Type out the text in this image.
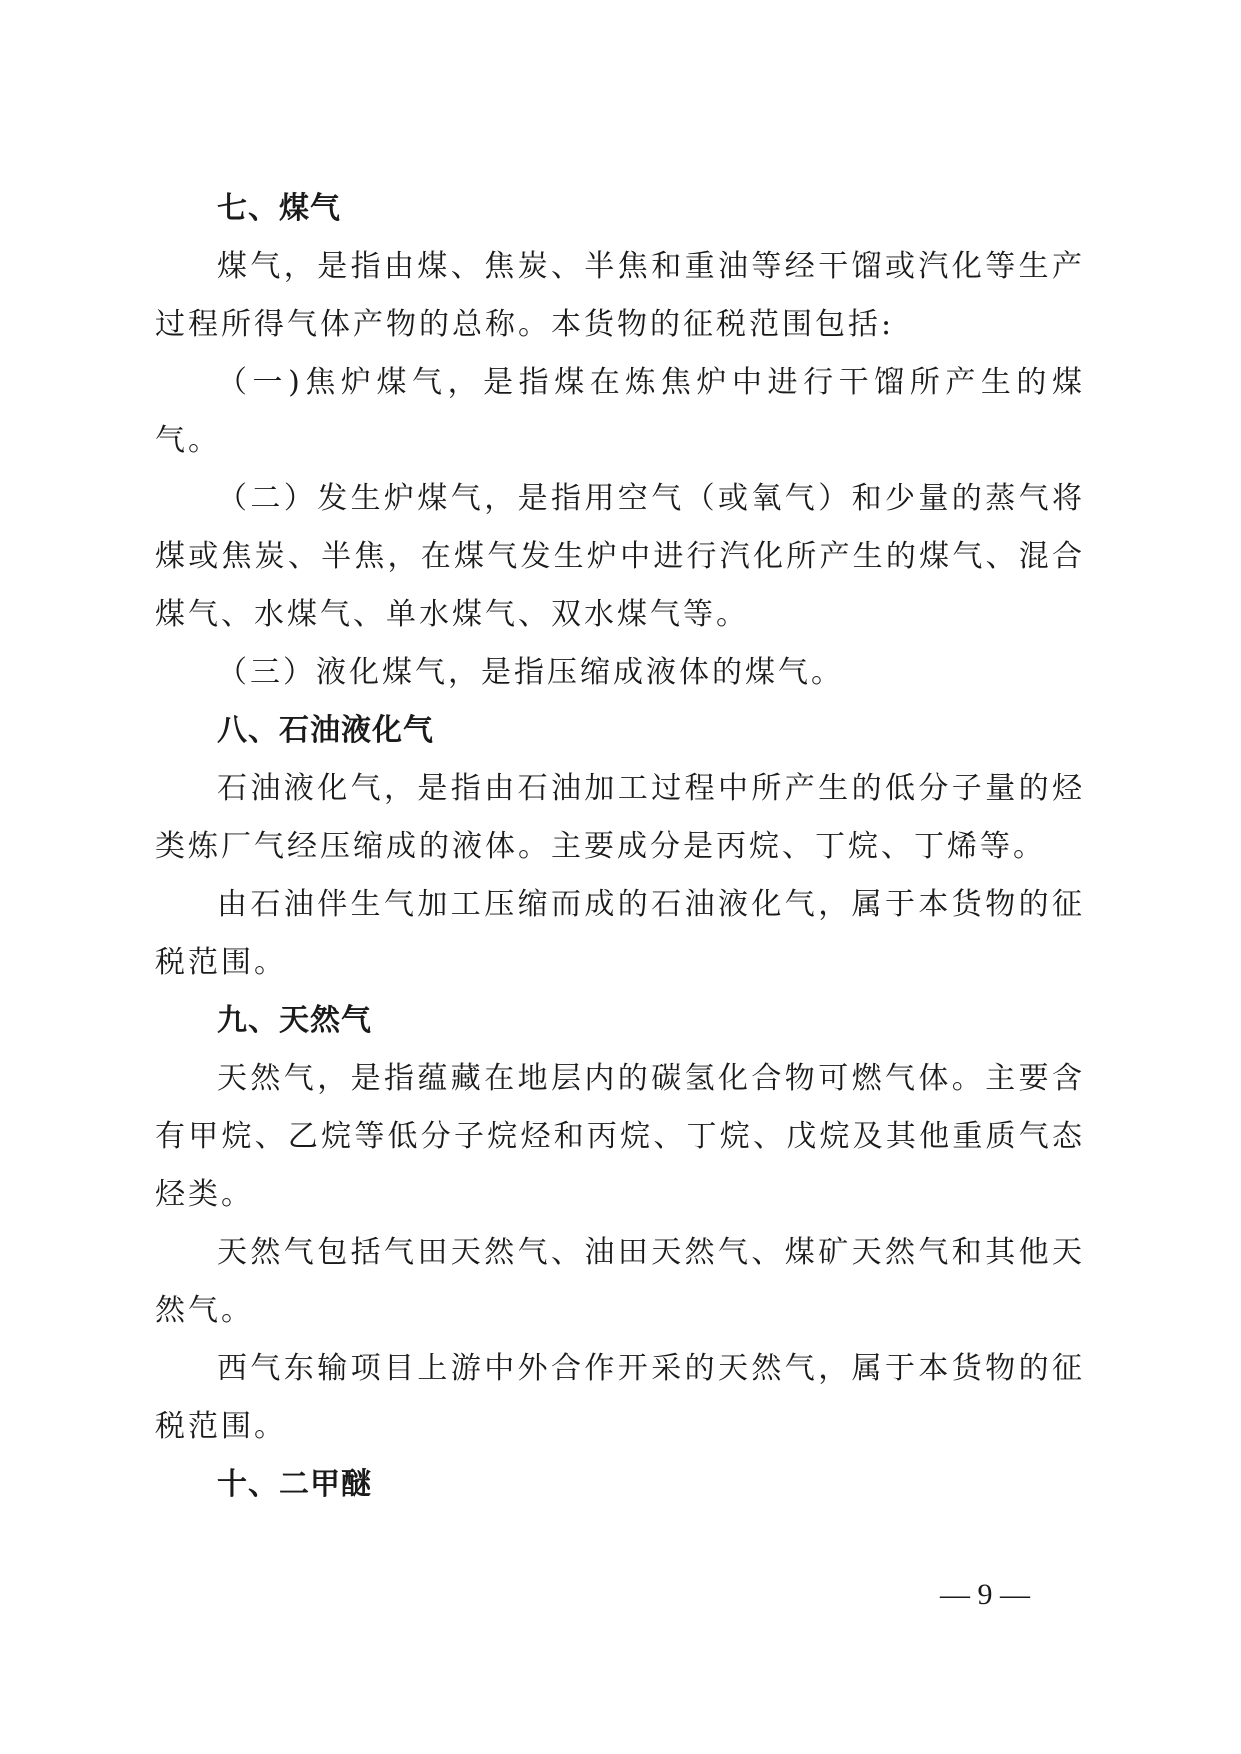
七、煤气

煤气，是指由煤、焦炭、半焦和重油等经干馏或汽化等生产过程所得气体产物的总称。本货物的征税范围包括:

（一)焦炉煤气，是指煤在炼焦炉中进行干馏所产生的煤气。

（二）发生炉煤气，是指用空气（或氧气）和少量的蒸气将煤或焦炭、半焦，在煤气发生炉中进行汽化所产生的煤气、混合煤气、水煤气、单水煤气、双水煤气等。

（三）液化煤气，是指压缩成液体的煤气。

八、石油液化气

石油液化气，是指由石油加工过程中所产生的低分子量的烃类炼厂气经压缩成的液体。主要成分是丙烷、丁烷、丁烯等。

由石油伴生气加工压缩而成的石油液化气，属于本货物的征税范围。

九、天然气

天然气，是指蕴藏在地层内的碳氢化合物可燃气体。主要含有甲烷、乙烷等低分子烷烃和丙烷、丁烷、戊烷及其他重质气态烃类。

天然气包括气田天然气、油田天然气、煤矿天然气和其他天然气。

西气东输项目上游中外合作开采的天然气，属于本货物的征税范围。

十、二甲醚
— 9 —
